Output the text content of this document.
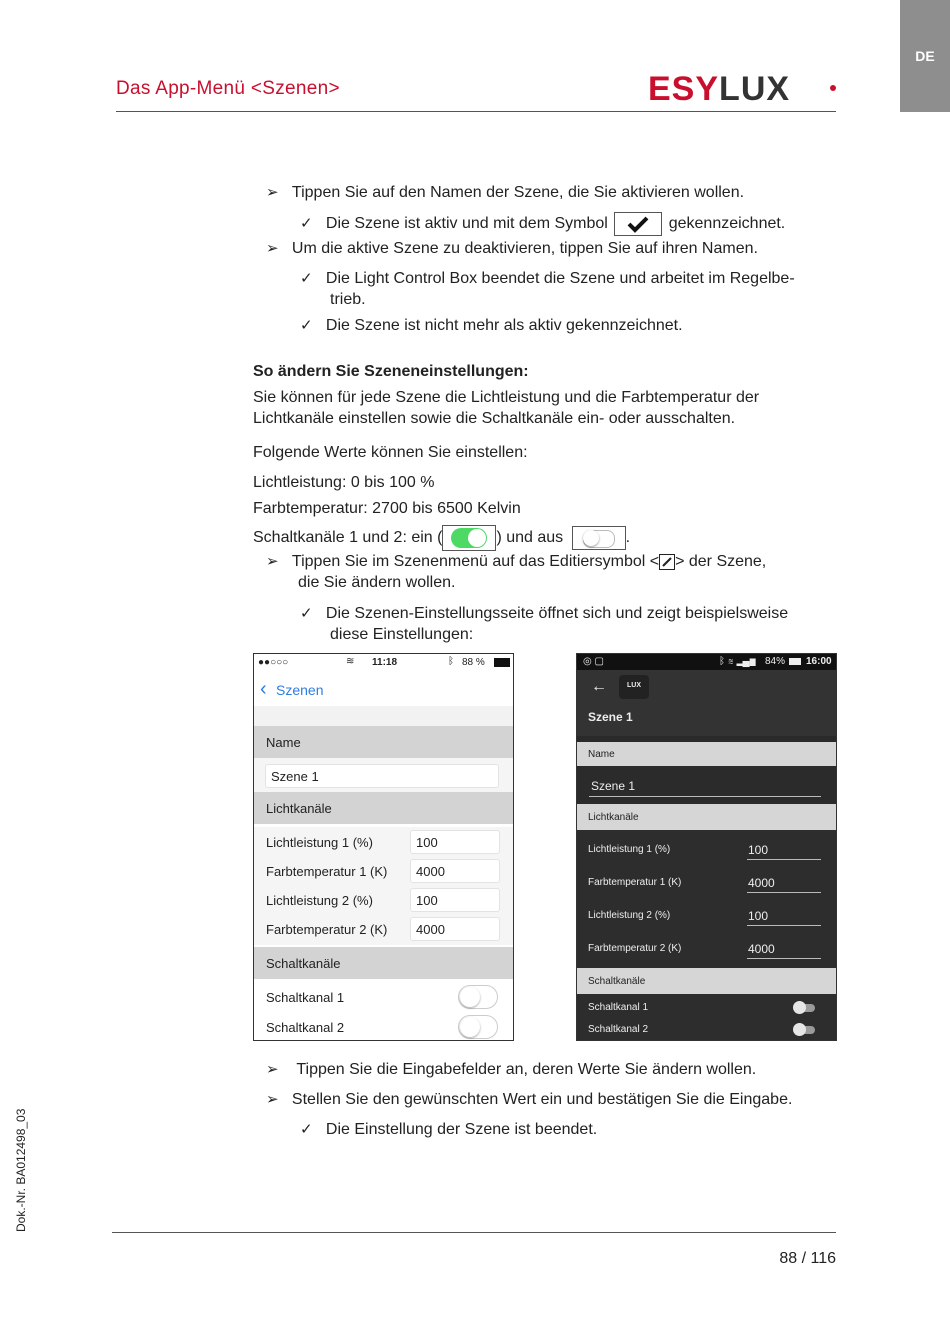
DE
Das App-Menü <Szenen>	ESYLUX
➢ Tippen Sie auf den Namen der Szene, die Sie aktivieren wollen.
✓ Die Szene ist aktiv und mit dem Symbol	gekennzeichnet.
➢ Um die aktive Szene zu deaktivieren, tippen Sie auf ihren Namen.
✓ Die Light Control Box beendet die Szene und arbeitet im Regelbe-
trieb.
✓ Die Szene ist nicht mehr als aktiv gekennzeichnet.
So ändern Sie Szeneneinstellungen:
Sie können für jede Szene die Lichtleistung und die Farbtemperatur der
Lichtkanäle einstellen sowie die Schaltkanäle ein- oder ausschalten.
Folgende Werte können Sie einstellen:
Lichtleistung: 0 bis 100 %
Farbtemperatur: 2700 bis 6500 Kelvin
Schaltkanäle 1 und 2: ein (	) und aus	.
➢ Tippen Sie im Szenenmenü auf das Editiersymbol < > der Szene,
die Sie ändern wollen.
✓ Die Szenen-Einstellungsseite öffnet sich und zeigt beispielsweise
diese Einstellungen:
●●○○○	≋ 11:18	ᛒ 88 %
‹ Szenen
Name
Szene 1
Lichtkanäle
Lichtleistung 1 (%)	100
Farbtemperatur 1 (K) 4000
Lichtleistung 2 (%)	100
Farbtemperatur 2 (K) 4000
Schaltkanäle
Schaltkanal 1
Schaltkanal 2
◎ ▢	ᛒ ≋ ▂▄▆ 84% 16:00
←	LUX
Szene 1
Name
Szene 1
Lichtkanäle
Lichtleistung 1 (%)	100
Farbtemperatur 1 (K)	4000
Lichtleistung 2 (%)	100
Farbtemperatur 2 (K)	4000
Schaltkanäle
Schaltkanal 1
Schaltkanal 2
➢ Tippen Sie die Eingabefelder an, deren Werte Sie ändern wollen.
➢ Stellen Sie den gewünschten Wert ein und bestätigen Sie die Eingabe.
✓ Die Einstellung der Szene ist beendet.
Dok.-Nr. BA012498_03
88 / 116
